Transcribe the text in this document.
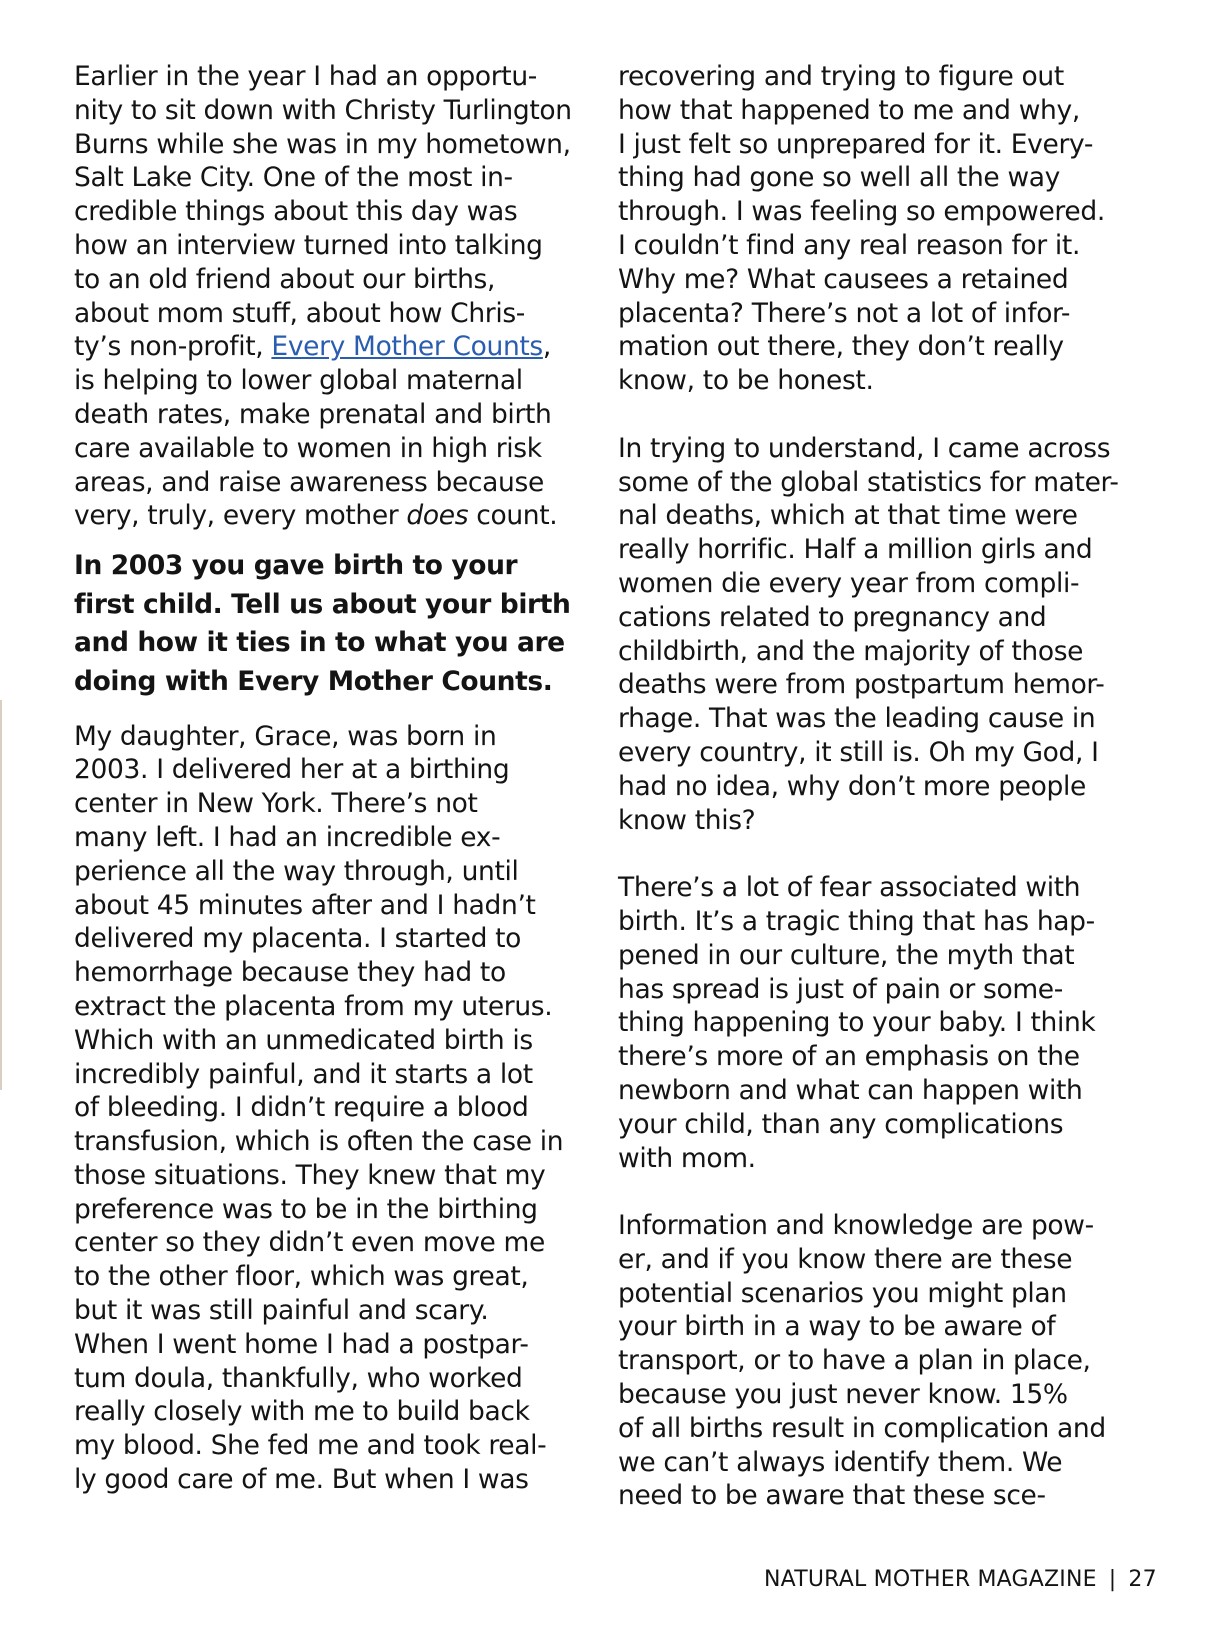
Earlier in the year I had an opportu-
nity to sit down with Christy Turlington
Burns while she was in my hometown,
Salt Lake City. One of the most in-
credible things about this day was
how an interview turned into talking
to an old friend about our births,
about mom stuff, about how Chris-
ty’s non-profit, Every Mother Counts,
is helping to lower global maternal
death rates, make prenatal and birth
care available to women in high risk
areas, and raise awareness because
very, truly, every mother does count.
In 2003 you gave birth to your
first child. Tell us about your birth
and how it ties in to what you are
doing with Every Mother Counts.
My daughter, Grace, was born in
2003. I delivered her at a birthing
center in New York. There’s not
many left. I had an incredible ex-
perience all the way through, until
about 45 minutes after and I hadn’t
delivered my placenta. I started to
hemorrhage because they had to
extract the placenta from my uterus.
Which with an unmedicated birth is
incredibly painful, and it starts a lot
of bleeding. I didn’t require a blood
transfusion, which is often the case in
those situations. They knew that my
preference was to be in the birthing
center so they didn’t even move me
to the other floor, which was great,
but it was still painful and scary.
When I went home I had a postpar-
tum doula, thankfully, who worked
really closely with me to build back
my blood. She fed me and took real-
ly good care of me. But when I was
recovering and trying to figure out
how that happened to me and why,
I just felt so unprepared for it. Every-
thing had gone so well all the way
through. I was feeling so empowered.
I couldn’t find any real reason for it.
Why me? What causees a retained
placenta? There’s not a lot of infor-
mation out there, they don’t really
know, to be honest.
In trying to understand, I came across
some of the global statistics for mater-
nal deaths, which at that time were
really horrific. Half a million girls and
women die every year from compli-
cations related to pregnancy and
childbirth, and the majority of those
deaths were from postpartum hemor-
rhage. That was the leading cause in
every country, it still is. Oh my God, I
had no idea, why don’t more people
know this?
There’s a lot of fear associated with
birth. It’s a tragic thing that has hap-
pened in our culture, the myth that
has spread is just of pain or some-
thing happening to your baby. I think
there’s more of an emphasis on the
newborn and what can happen with
your child, than any complications
with mom.
Information and knowledge are pow-
er, and if you know there are these
potential scenarios you might plan
your birth in a way to be aware of
transport, or to have a plan in place,
because you just never know. 15%
of all births result in complication and
we can’t always identify them. We
need to be aware that these sce-
NATURAL MOTHER MAGAZINE | 27
